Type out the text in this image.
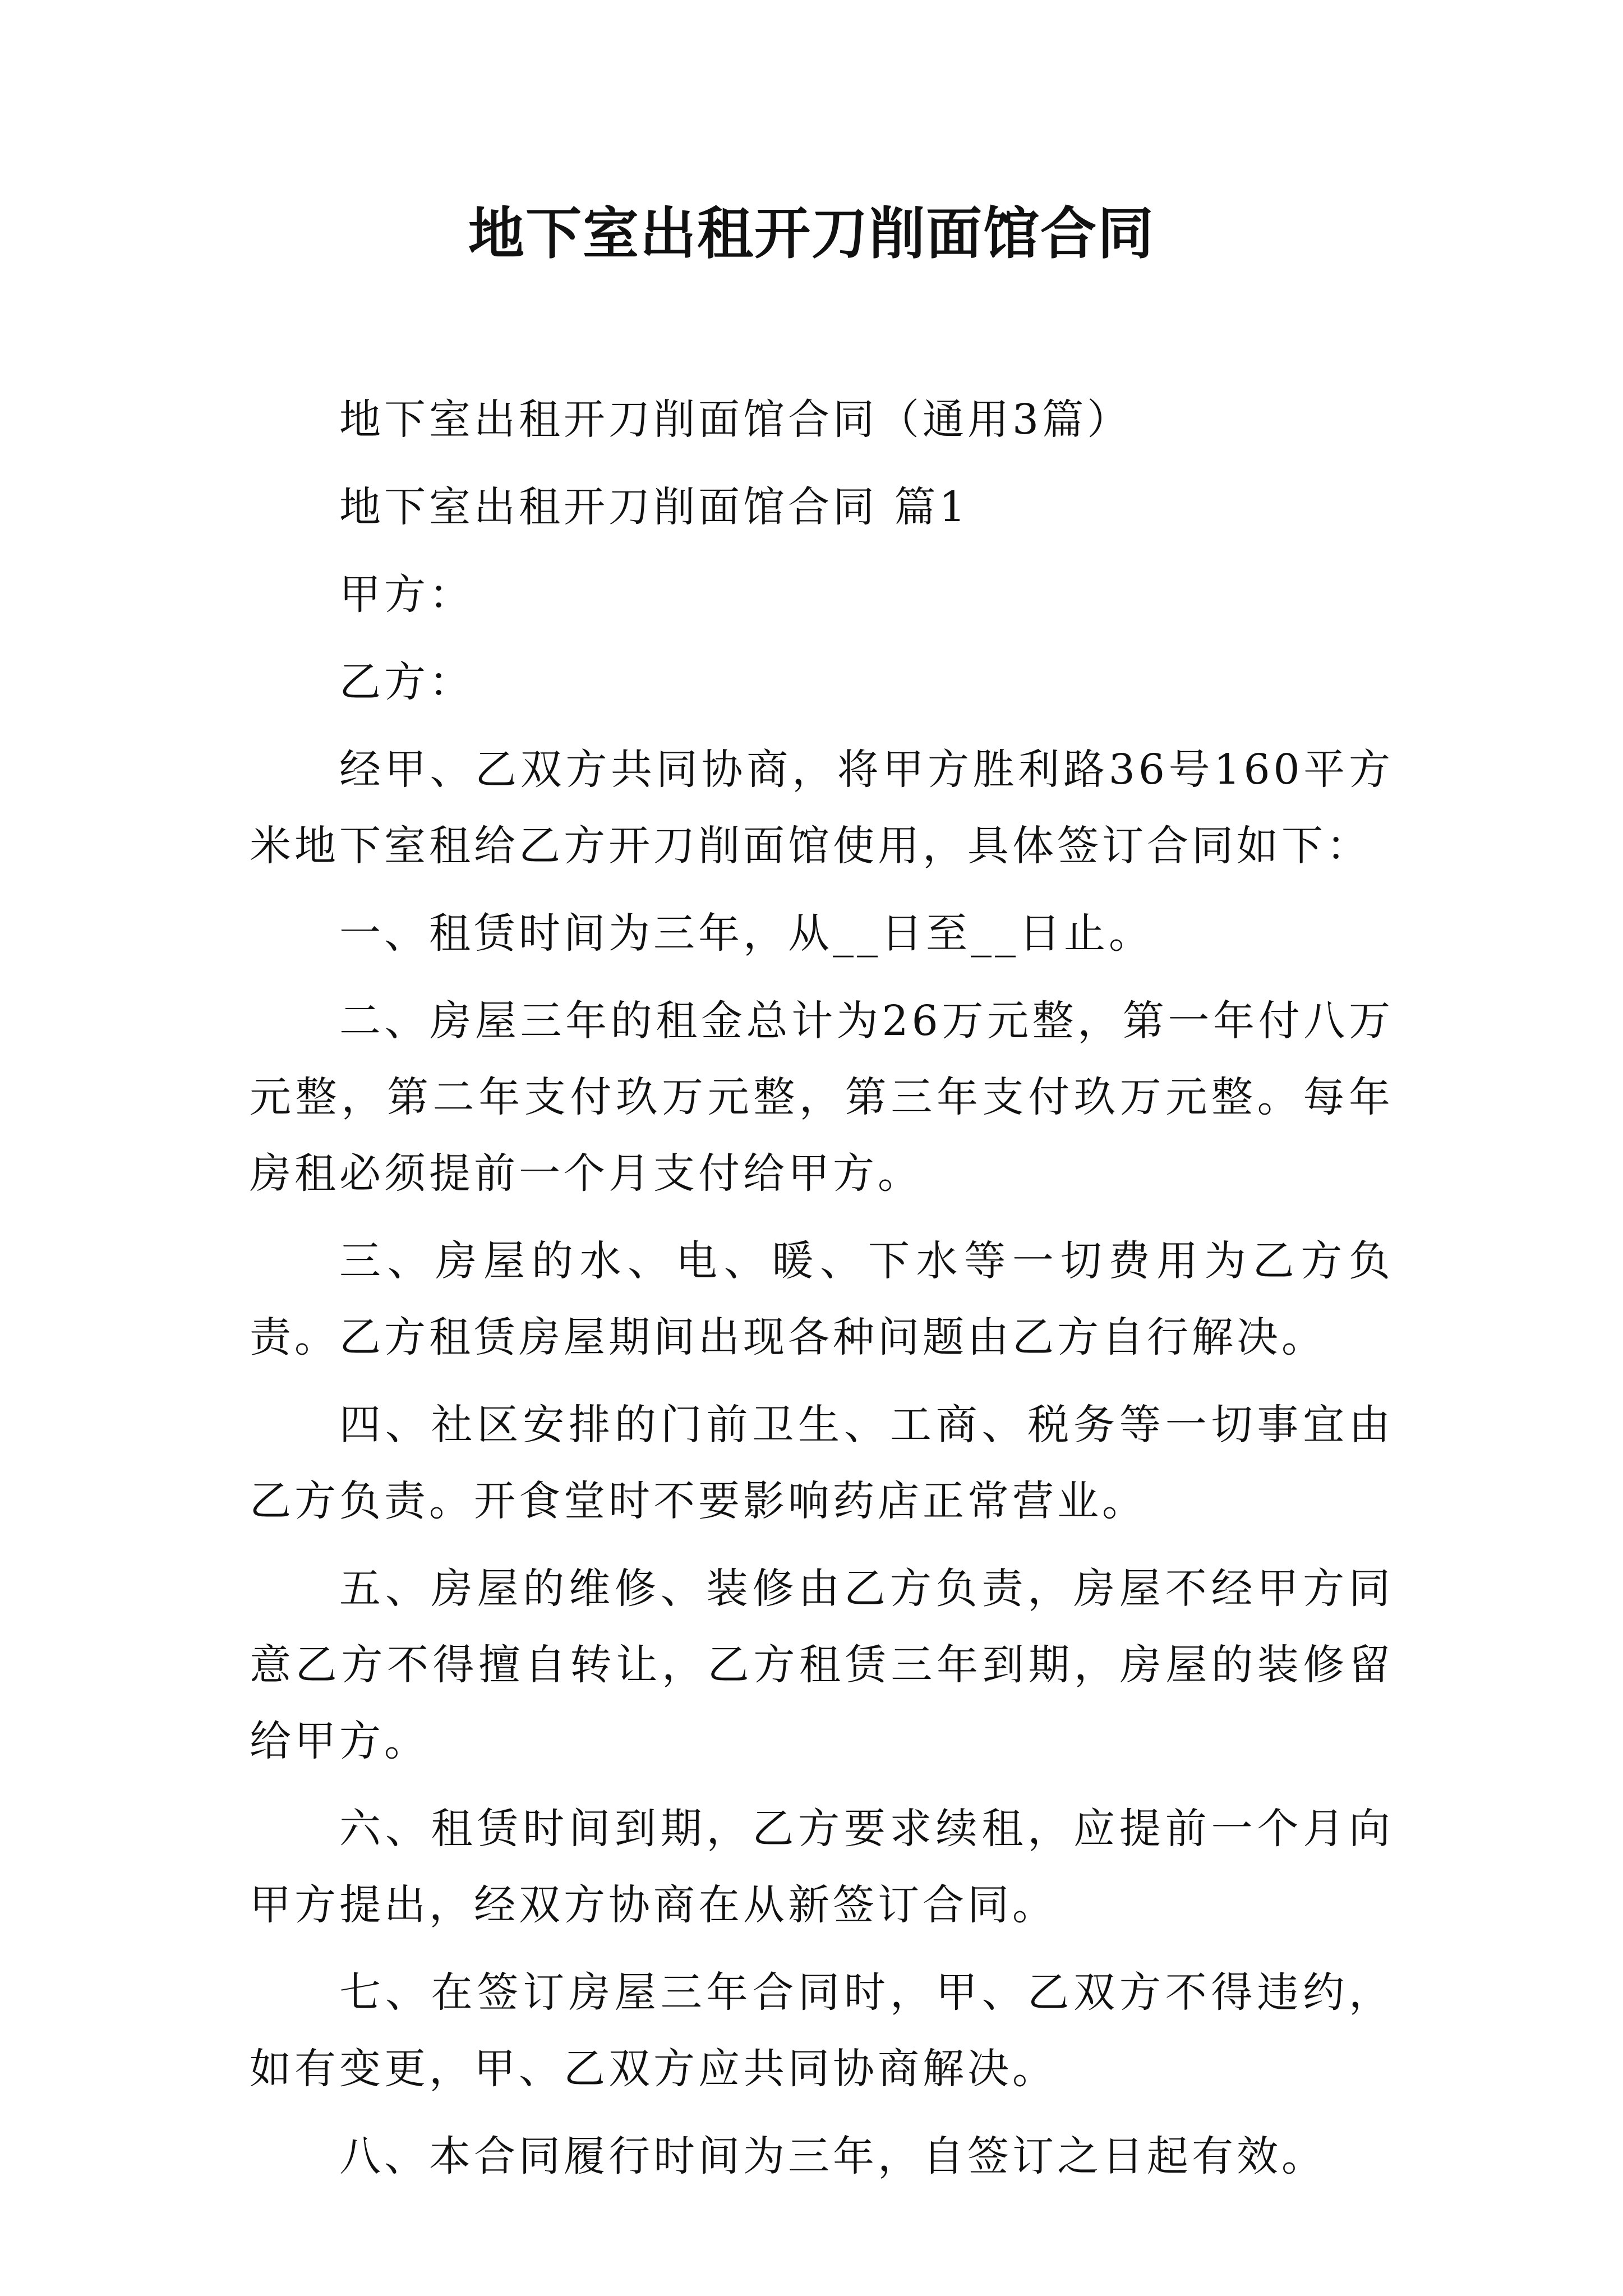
地下室出租开刀削面馆合同

地下室出租开刀削面馆合同（通用3篇）

地下室出租开刀削面馆合同 篇1

甲方：

乙方：

经甲、乙双方共同协商，将甲方胜利路36号160平方米地下室租给乙方开刀削面馆使用，具体签订合同如下：

一、租赁时间为三年，从__日至__日止。

二、房屋三年的租金总计为26万元整，第一年付八万元整，第二年支付玖万元整，第三年支付玖万元整。每年房租必须提前一个月支付给甲方。

三、房屋的水、电、暖、下水等一切费用为乙方负责。乙方租赁房屋期间出现各种问题由乙方自行解决。

四、社区安排的门前卫生、工商、税务等一切事宜由乙方负责。开食堂时不要影响药店正常营业。

五、房屋的维修、装修由乙方负责，房屋不经甲方同意乙方不得擅自转让，乙方租赁三年到期，房屋的装修留给甲方。

六、租赁时间到期，乙方要求续租，应提前一个月向甲方提出，经双方协商在从新签订合同。

七、在签订房屋三年合同时，甲、乙双方不得违约，如有变更，甲、乙双方应共同协商解决。

八、本合同履行时间为三年，自签订之日起有效。
